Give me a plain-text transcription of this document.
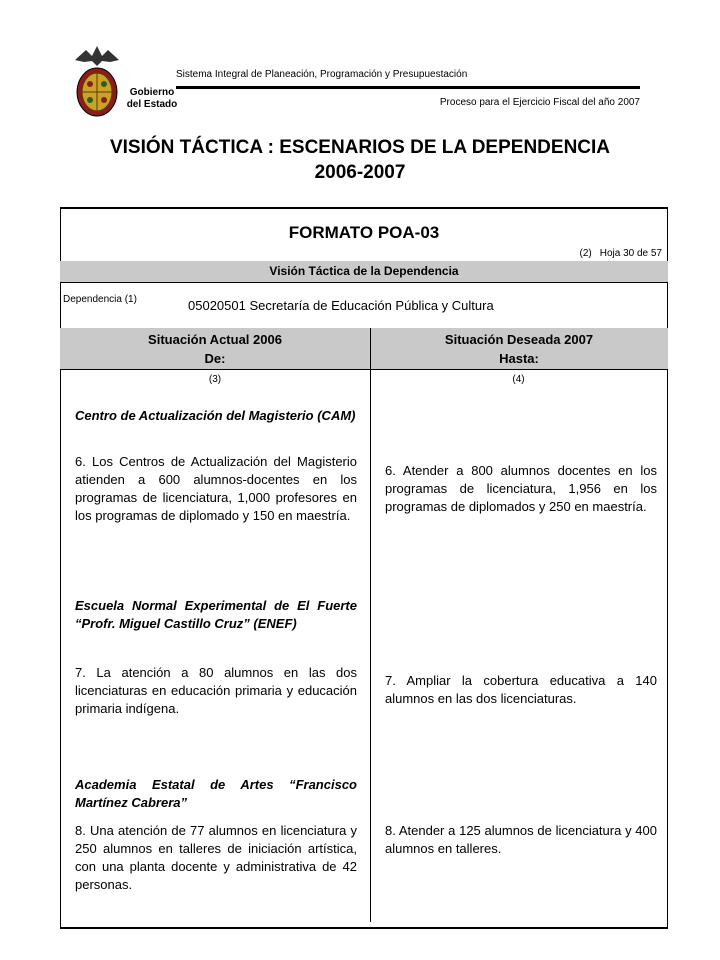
Gobierno
del Estado
Sistema Integral de Planeación, Programación y Presupuestación
Proceso para el Ejercicio Fiscal del año 2007
VISIÓN TÁCTICA : ESCENARIOS DE LA DEPENDENCIA
2006-2007
FORMATO POA-03
(2) Hoja 30 de 57
Visión Táctica de la Dependencia
Dependencia (1)	05020501 Secretaría de Educación Pública y Cultura
Situación Actual 2006
De:
Situación Deseada 2007
Hasta:
(3)	(4)
Centro de Actualización del Magisterio (CAM)
6. Los Centros de Actualización del Magisterio atienden a 600 alumnos-docentes en los programas de licenciatura, 1,000 profesores en los programas de diplomado y 150 en maestría.
6. Atender a 800 alumnos docentes en los programas de licenciatura, 1,956 en los programas de diplomados y 250 en maestría.
Escuela Normal Experimental de El Fuerte “Profr. Miguel Castillo Cruz” (ENEF)
7. La atención a 80 alumnos en las dos licenciaturas en educación primaria y educación primaria indígena.
7. Ampliar la cobertura educativa a 140 alumnos en las dos licenciaturas.
Academia Estatal de Artes “Francisco Martínez Cabrera”
8. Una atención de 77 alumnos en licenciatura y 250 alumnos en talleres de iniciación artística, con una planta docente y administrativa de 42 personas.
8. Atender a 125 alumnos de licenciatura y 400 alumnos en talleres.
